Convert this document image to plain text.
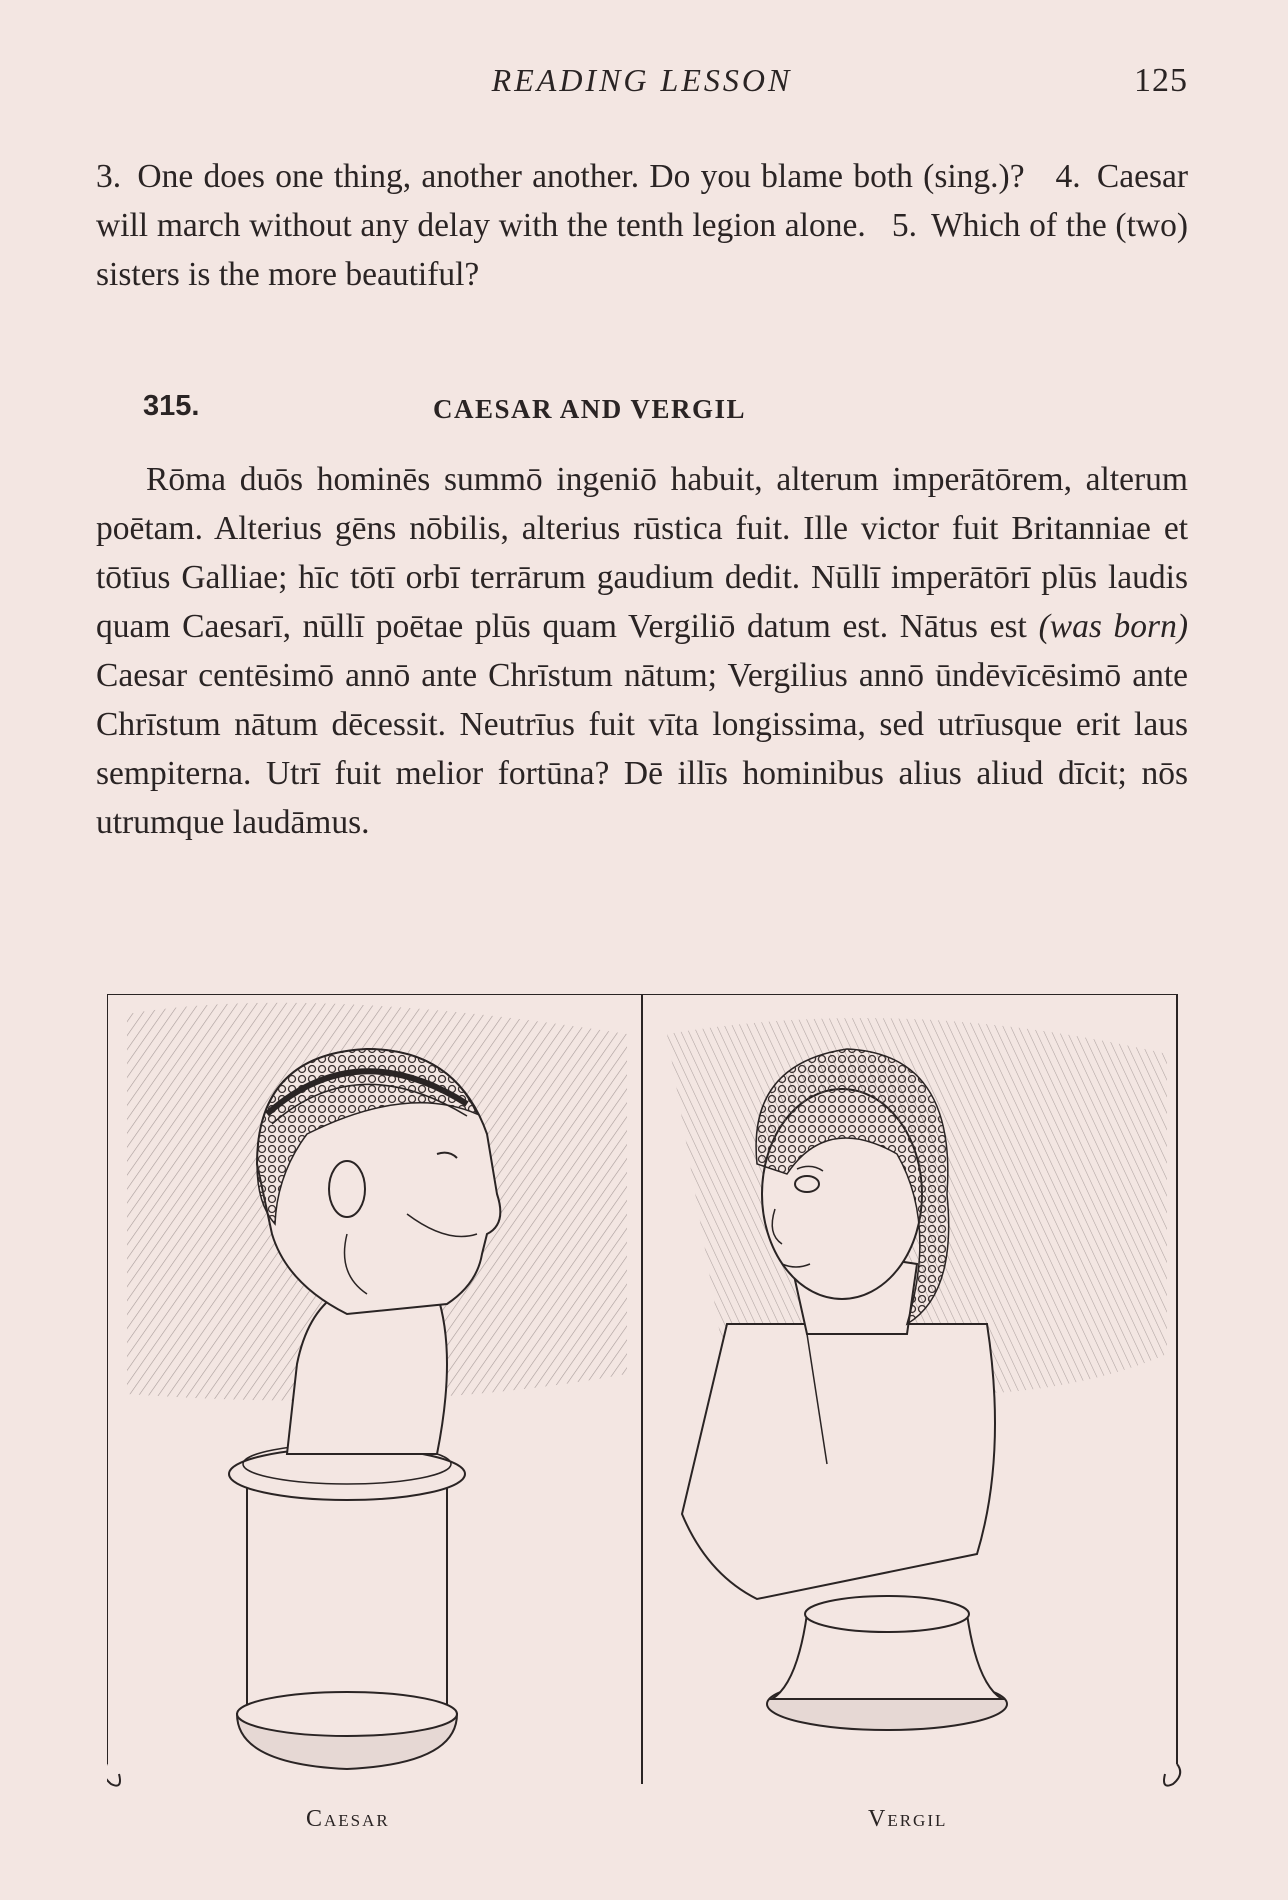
READING LESSON	125
3. One does one thing, another another. Do you blame both (sing.)? 4. Caesar will march without any delay with the tenth legion alone. 5. Which of the (two) sisters is the more beautiful?
315.	CAESAR AND VERGIL

Rōma duōs hominēs summō ingeniō habuit, alterum imperātōrem, alterum poētam. Alterius gēns nōbilis, alterius rūstica fuit. Ille victor fuit Britanniae et tōtīus Galliae; hīc tōtī orbī terrārum gaudium dedit. Nūllī imperātōrī plūs laudis quam Caesarī, nūllī poētae plūs quam Vergiliō datum est. Nātus est (was born) Caesar centēsimō annō ante Chrīstum nātum; Vergilius annō ūndēvīcēsimō ante Chrīstum nātum dēcessit. Neutrīus fuit vīta longissima, sed utrīusque erit laus sempiterna. Utrī fuit melior fortūna? Dē illīs hominibus alius aliud dīcit; nōs utrumque laudāmus.

Caesar	Vergil
